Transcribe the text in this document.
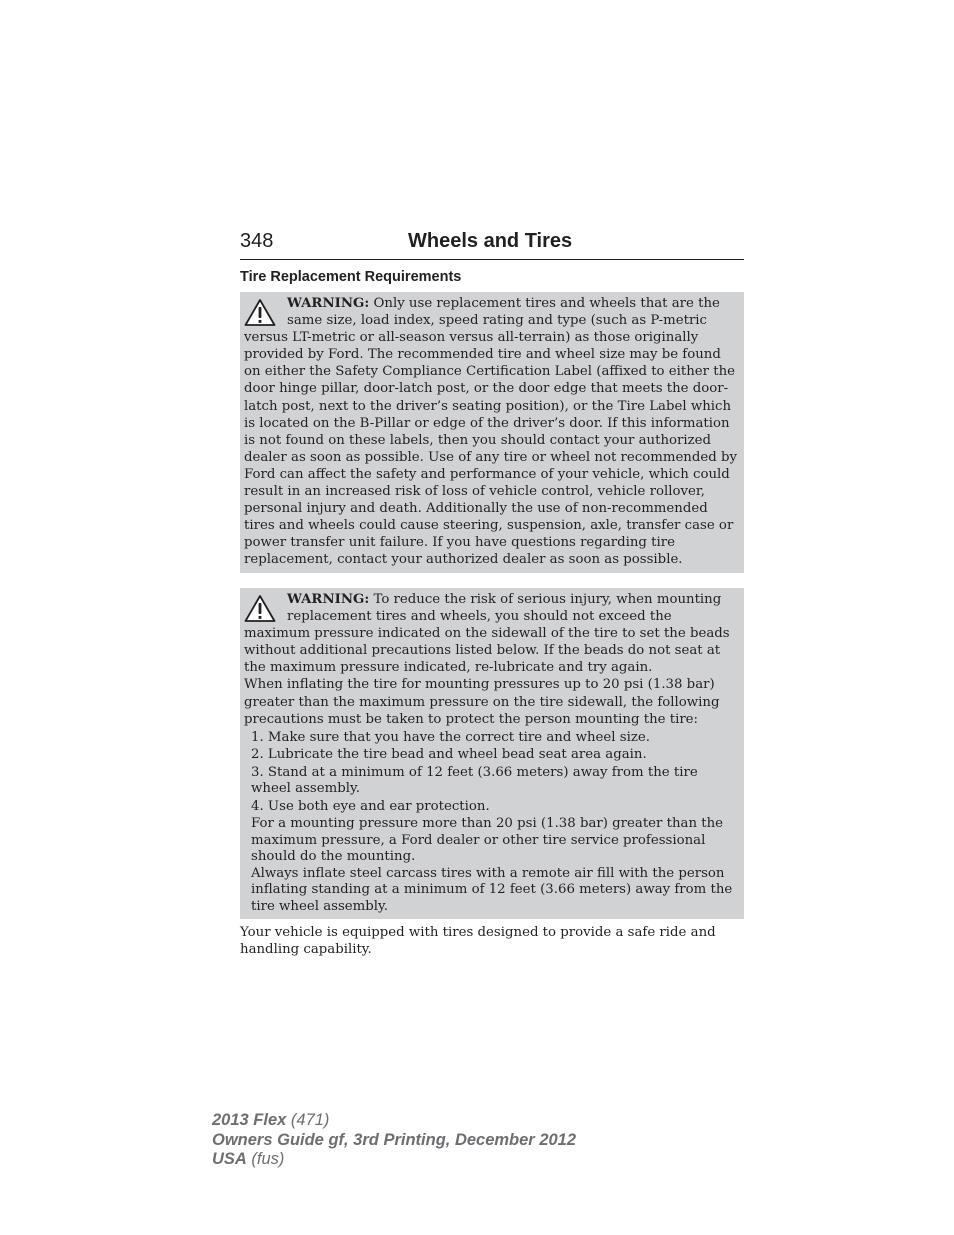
348	Wheels and Tires
Tire Replacement Requirements

WARNING: Only use replacement tires and wheels that are the same size, load index, speed rating and type (such as P-metric versus LT-metric or all-season versus all-terrain) as those originally provided by Ford. The recommended tire and wheel size may be found on either the Safety Compliance Certification Label (affixed to either the door hinge pillar, door-latch post, or the door edge that meets the door-latch post, next to the driver’s seating position), or the Tire Label which is located on the B-Pillar or edge of the driver’s door. If this information is not found on these labels, then you should contact your authorized dealer as soon as possible. Use of any tire or wheel not recommended by Ford can affect the safety and performance of your vehicle, which could result in an increased risk of loss of vehicle control, vehicle rollover, personal injury and death. Additionally the use of non-recommended tires and wheels could cause steering, suspension, axle, transfer case or power transfer unit failure. If you have questions regarding tire replacement, contact your authorized dealer as soon as possible.

WARNING: To reduce the risk of serious injury, when mounting replacement tires and wheels, you should not exceed the maximum pressure indicated on the sidewall of the tire to set the beads without additional precautions listed below. If the beads do not seat at the maximum pressure indicated, re-lubricate and try again.

When inflating the tire for mounting pressures up to 20 psi (1.38 bar) greater than the maximum pressure on the tire sidewall, the following precautions must be taken to protect the person mounting the tire:

1. Make sure that you have the correct tire and wheel size.
2. Lubricate the tire bead and wheel bead seat area again.
3. Stand at a minimum of 12 feet (3.66 meters) away from the tire wheel assembly.
4. Use both eye and ear protection.

For a mounting pressure more than 20 psi (1.38 bar) greater than the maximum pressure, a Ford dealer or other tire service professional should do the mounting.

Always inflate steel carcass tires with a remote air fill with the person inflating standing at a minimum of 12 feet (3.66 meters) away from the tire wheel assembly.

Your vehicle is equipped with tires designed to provide a safe ride and handling capability.

2013 Flex (471)
Owners Guide gf, 3rd Printing, December 2012
USA (fus)
